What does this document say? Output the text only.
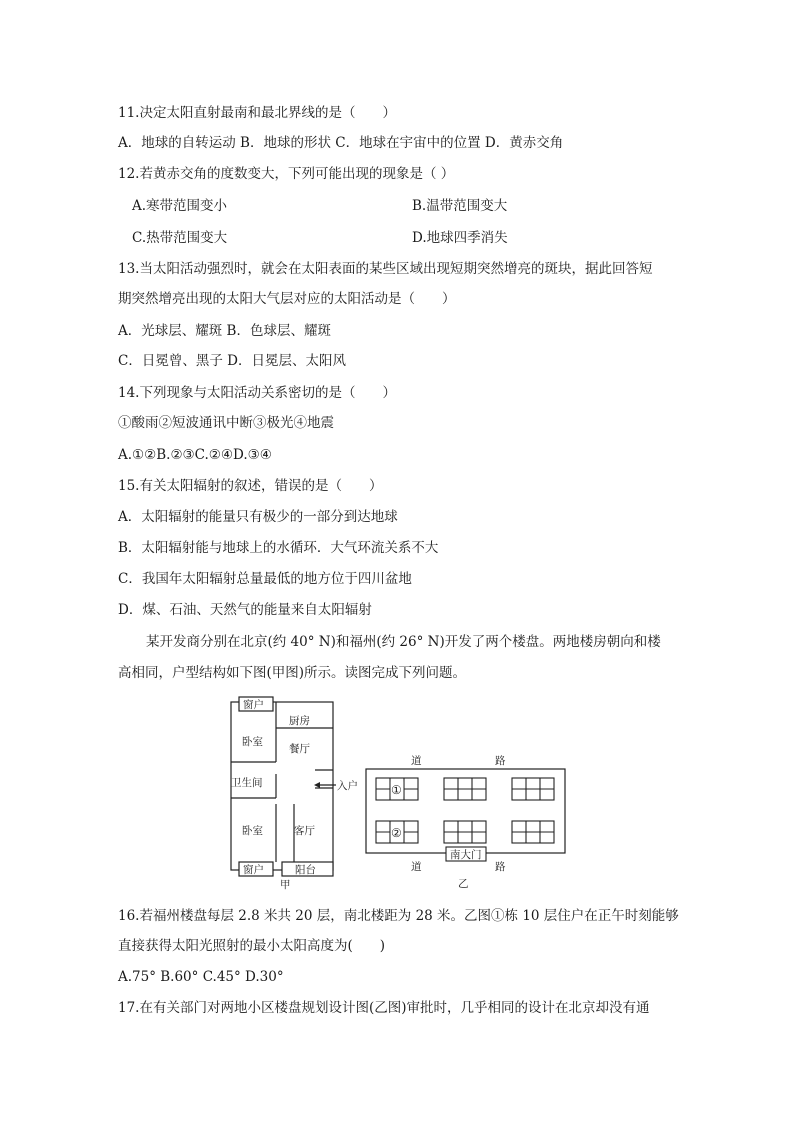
11.决定太阳直射最南和最北界线的是（　　）
A．地球的自转运动 B．地球的形状 C．地球在宇宙中的位置 D．黄赤交角
12.若黄赤交角的度数变大，下列可能出现的现象是（ ）
A.寒带范围变小	B.温带范围变大
C.热带范围变大	D.地球四季消失
13.当太阳活动强烈时，就会在太阳表面的某些区域出现短期突然增亮的斑块，据此回答短
期突然增亮出现的太阳大气层对应的太阳活动是（　　）
A．光球层、耀斑 B．色球层、耀斑
C．日冕曾、黑子 D．日冕层、太阳风
14.下列现象与太阳活动关系密切的是（　　）
①酸雨②短波通讯中断③极光④地震
A.①②B.②③C.②④D.③④
15.有关太阳辐射的叙述，错误的是（　　）
A．太阳辐射的能量只有极少的一部分到达地球
B．太阳辐射能与地球上的水循环．大气环流关系不大
C．我国年太阳辐射总量最低的地方位于四川盆地
D．煤、石油、天然气的能量来自太阳辐射
某开发商分别在北京(约 40° N)和福州(约 26° N)开发了两个楼盘。两地楼房朝向和楼
高相同，户型结构如下图(甲图)所示。读图完成下列问题。
窗户
卧室
厨房
餐厅
卫生间
卧室	客厅
窗户	阳台
甲
入户
道	路
道	路
乙
①
②
南大门
16.若福州楼盘每层 2.8 米共 20 层，南北楼距为 28 米。乙图①栋 10 层住户在正午时刻能够
直接获得太阳光照射的最小太阳高度为(　　)
A.75° B.60° C.45° D.30°
17.在有关部门对两地小区楼盘规划设计图(乙图)审批时，几乎相同的设计在北京却没有通
